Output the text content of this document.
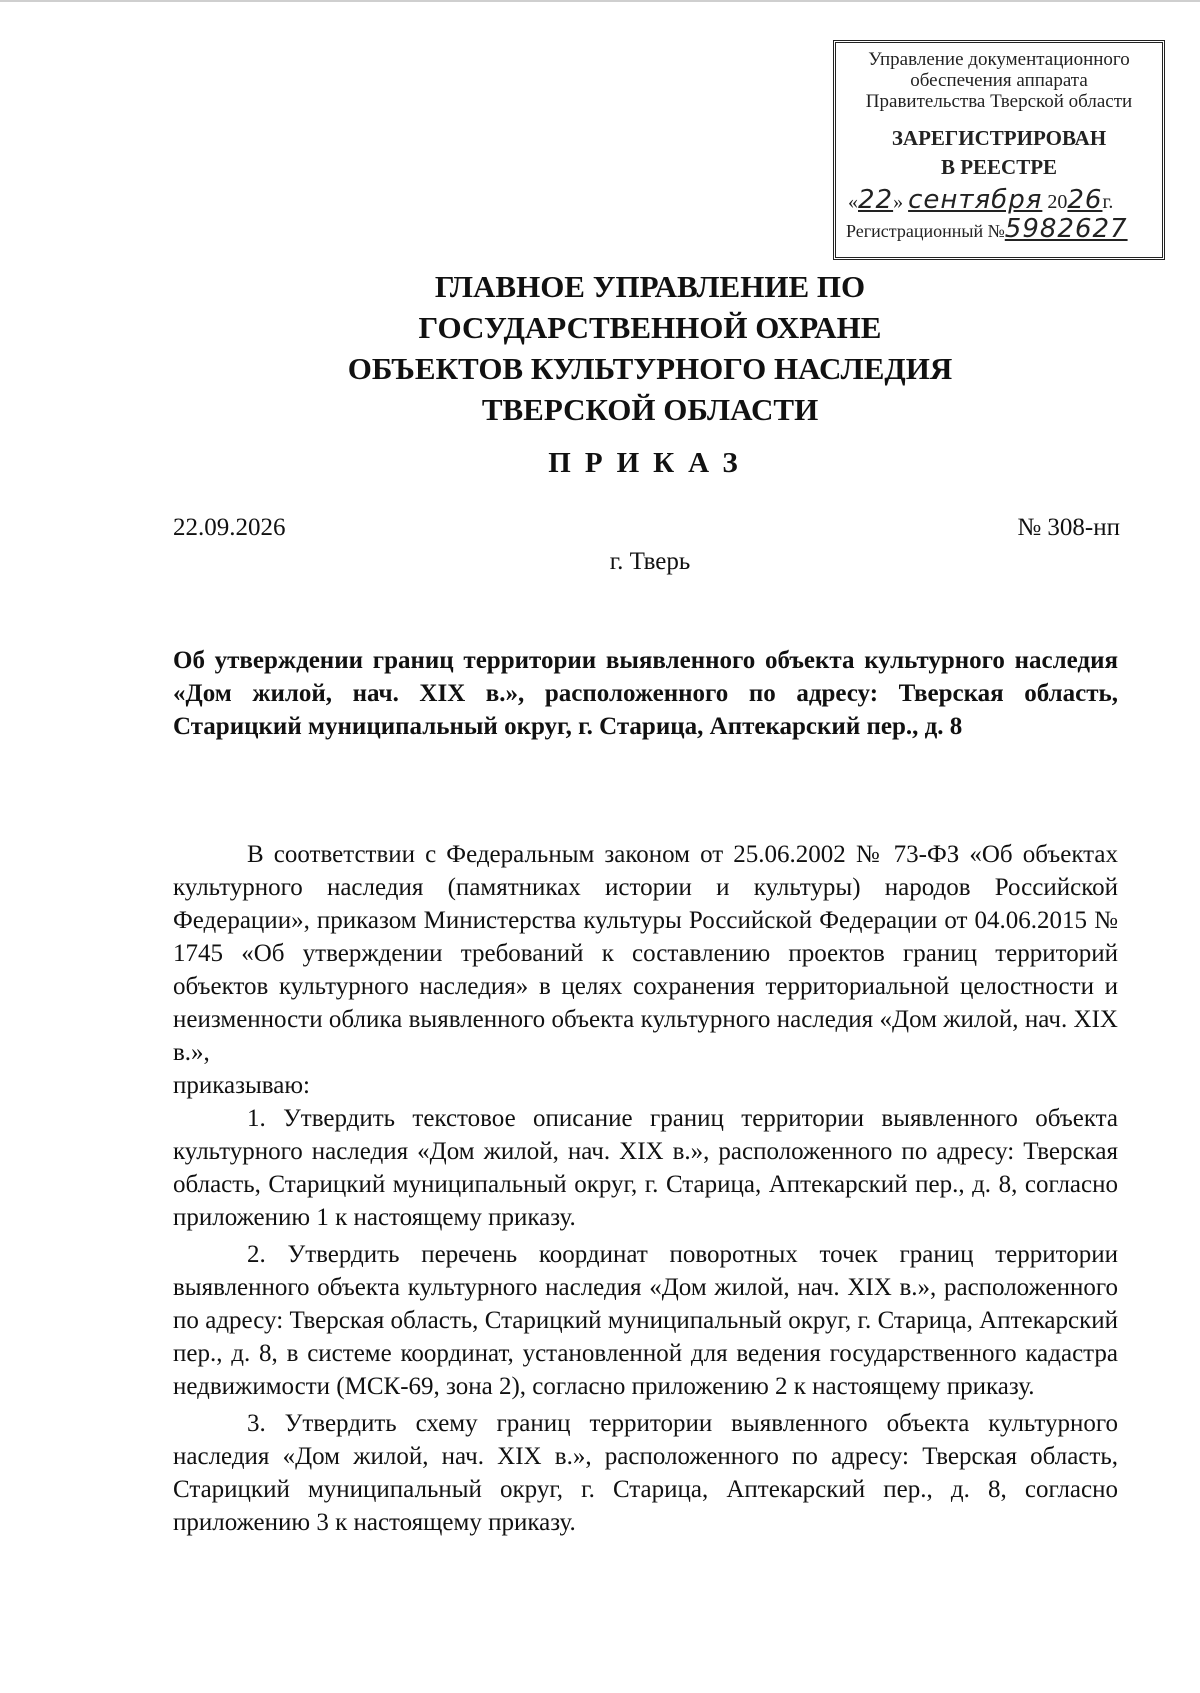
Управление документационного
обеспечения аппарата
Правительства Тверской области
ЗАРЕГИСТРИРОВАН
В РЕЕСТРЕ
«22» сентября 2026г.
Регистрационный №5982627
ГЛАВНОЕ УПРАВЛЕНИЕ ПО
ГОСУДАРСТВЕННОЙ ОХРАНЕ
ОБЪЕКТОВ КУЛЬТУРНОГО НАСЛЕДИЯ
ТВЕРСКОЙ ОБЛАСТИ
ПРИКАЗ
22.09.2026	№ 308-нп
г. Тверь
Об утверждении границ территории выявленного объекта культурного наследия «Дом жилой, нач. XIX в.», расположенного по адресу: Тверская область, Старицкий муниципальный округ, г. Старица, Аптекарский пер., д. 8

В соответствии с Федеральным законом от 25.06.2002 № 73-ФЗ «Об объектах культурного наследия (памятниках истории и культуры) народов Российской Федерации», приказом Министерства культуры Российской Федерации от 04.06.2015 № 1745 «Об утверждении требований к составлению проектов границ территорий объектов культурного наследия» в целях сохранения территориальной целостности и неизменности облика выявленного объекта культурного наследия «Дом жилой, нач. XIX в.»,

приказываю:

1. Утвердить текстовое описание границ территории выявленного объекта культурного наследия «Дом жилой, нач. XIX в.», расположенного по адресу: Тверская область, Старицкий муниципальный округ, г. Старица, Аптекарский пер., д. 8, согласно приложению 1 к настоящему приказу.

2. Утвердить перечень координат поворотных точек границ территории выявленного объекта культурного наследия «Дом жилой, нач. XIX в.», расположенного по адресу: Тверская область, Старицкий муниципальный округ, г. Старица, Аптекарский пер., д. 8, в системе координат, установленной для ведения государственного кадастра недвижимости (МСК-69, зона 2), согласно приложению 2 к настоящему приказу.

3. Утвердить схему границ территории выявленного объекта культурного наследия «Дом жилой, нач. XIX в.», расположенного по адресу: Тверская область, Старицкий муниципальный округ, г. Старица, Аптекарский пер., д. 8, согласно приложению 3 к настоящему приказу.
